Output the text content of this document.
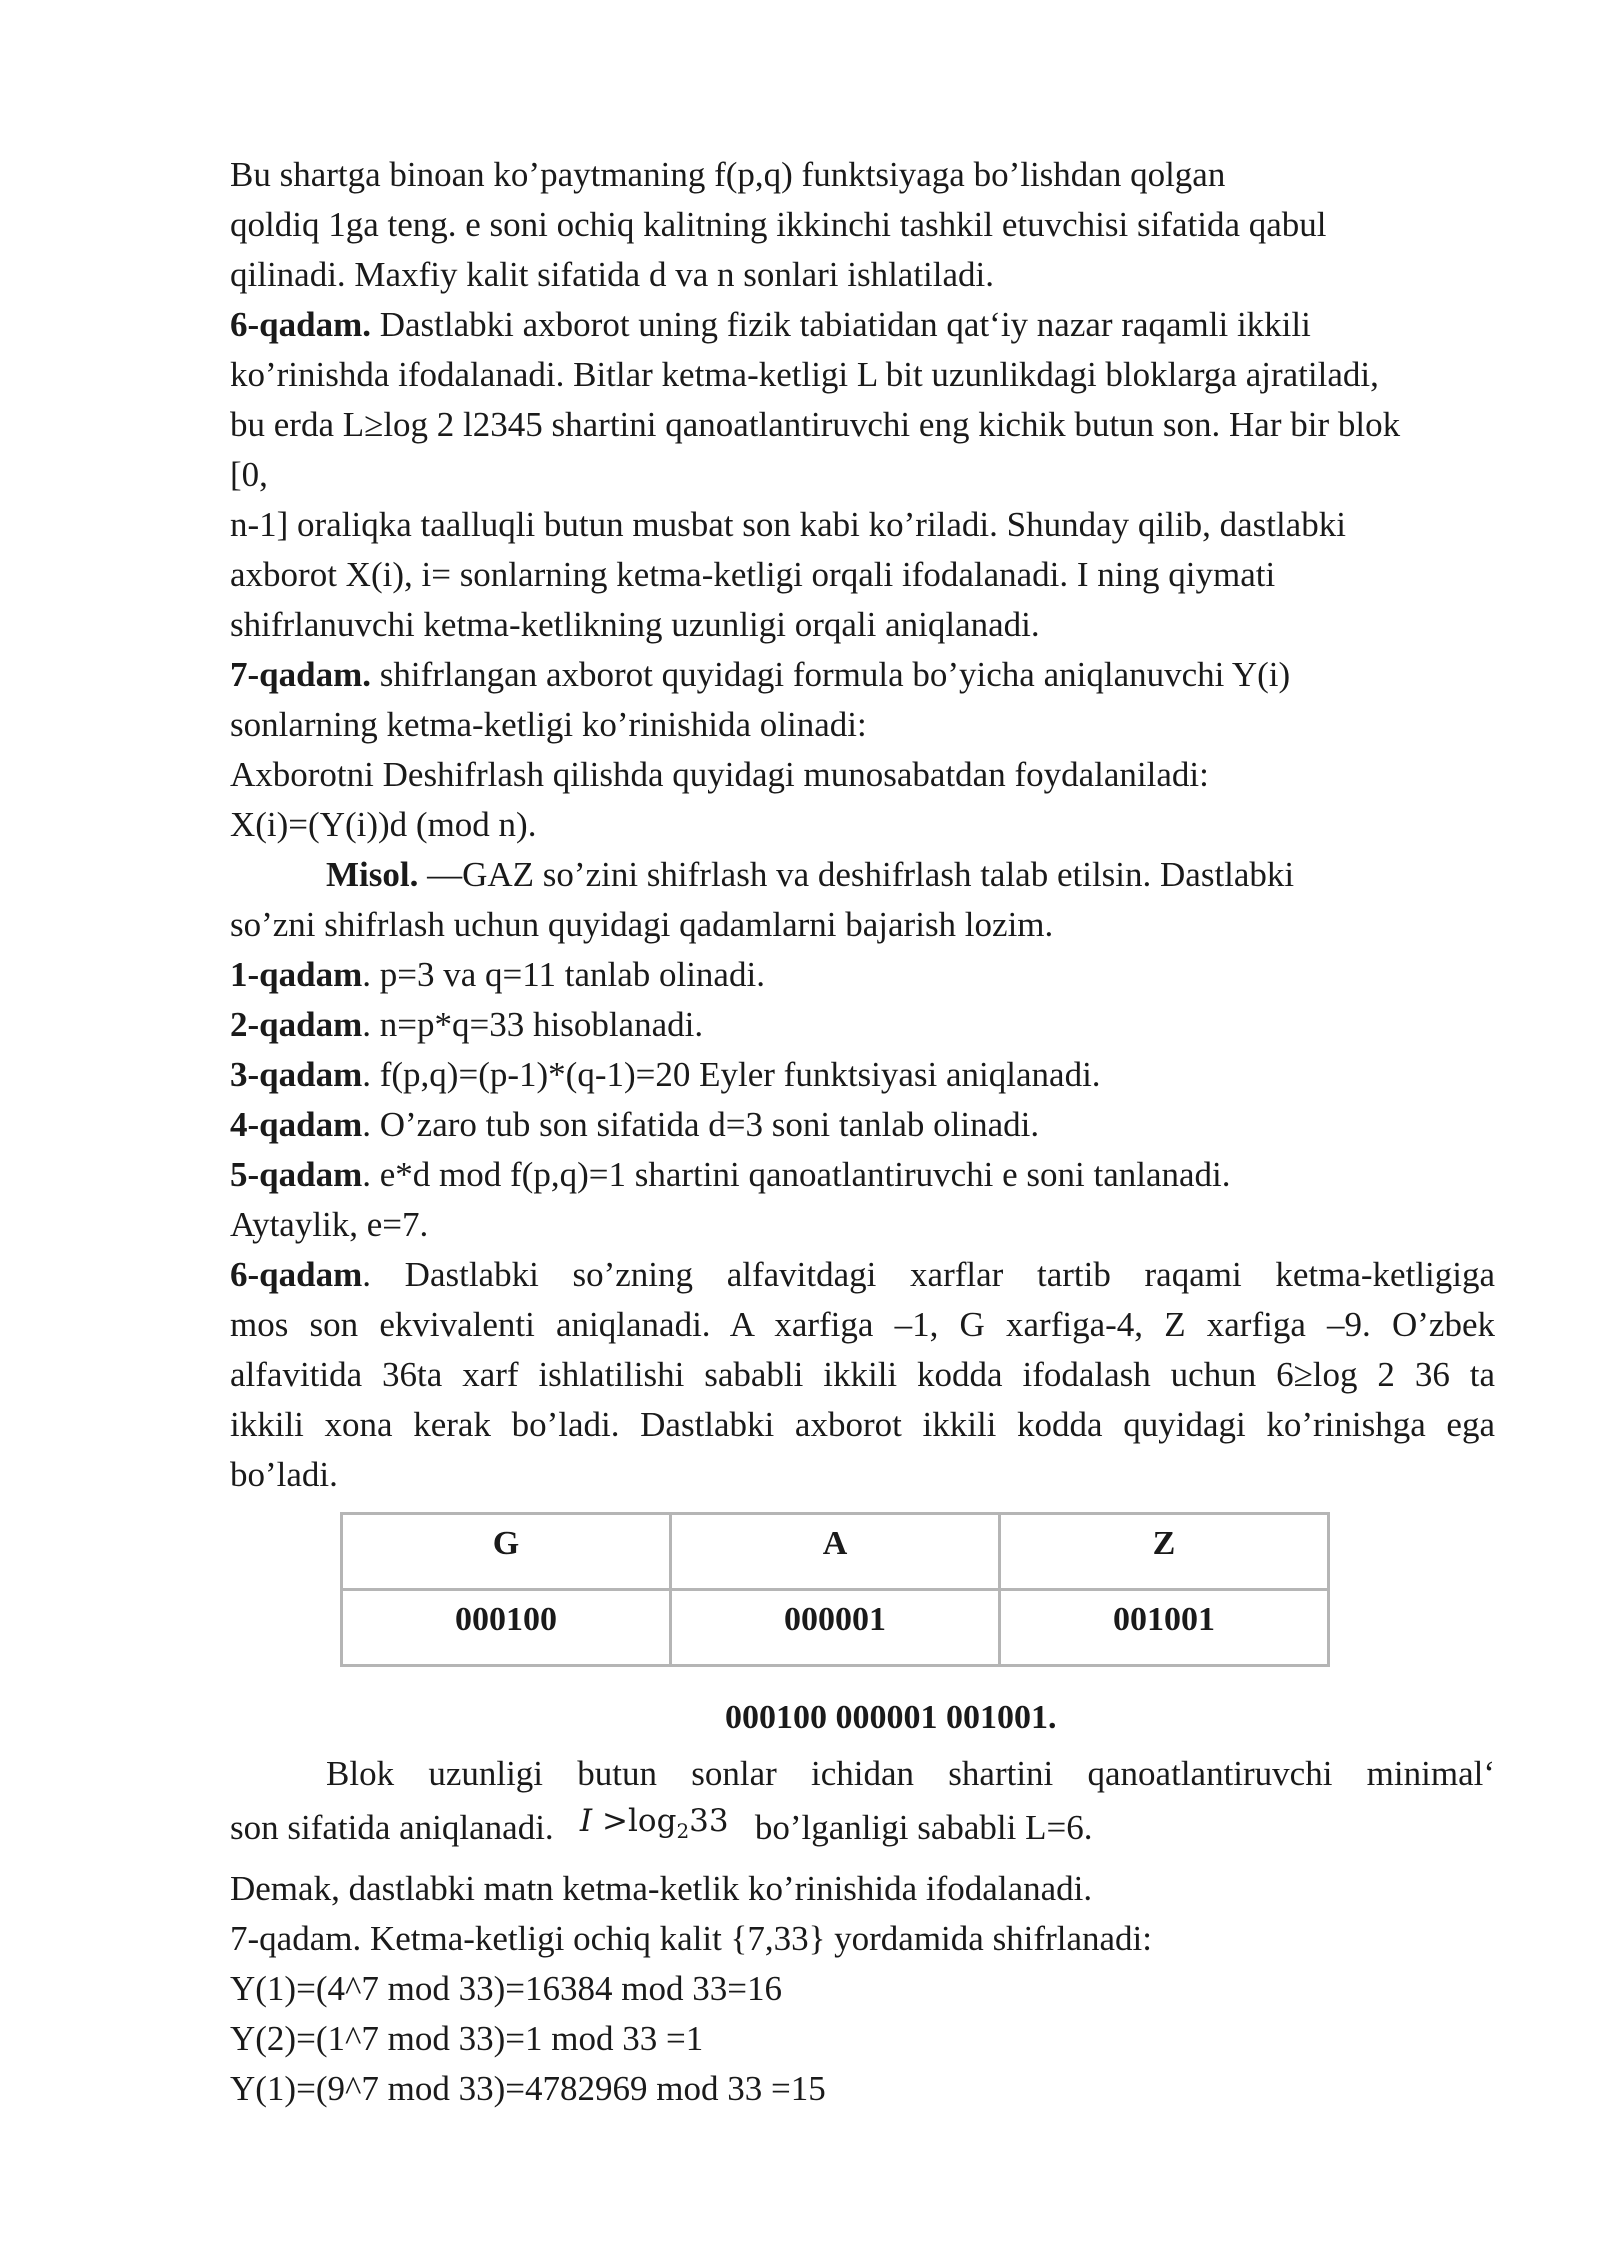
Bu shartga binoan ko’paytmaning f(p,q) funktsiyaga bo’lishdan qolgan
qoldiq 1ga teng. e soni ochiq kalitning ikkinchi tashkil etuvchisi sifatida qabul
qilinadi. Maxfiy kalit sifatida d va n sonlari ishlatiladi.
6-qadam. Dastlabki axborot uning fizik tabiatidan qat‘iy nazar raqamli ikkili
ko’rinishda ifodalanadi. Bitlar ketma-ketligi L bit uzunlikdagi bloklarga ajratiladi,
bu erda L≥log 2 l2345 shartini qanoatlantiruvchi eng kichik butun son. Har bir blok
[0,
n-1] oraliqka taalluqli butun musbat son kabi ko’riladi. Shunday qilib, dastlabki
axborot X(i), i= sonlarning ketma-ketligi orqali ifodalanadi. I ning qiymati
shifrlanuvchi ketma-ketlikning uzunligi orqali aniqlanadi.
7-qadam. shifrlangan axborot quyidagi formula bo’yicha aniqlanuvchi Y(i)
sonlarning ketma-ketligi ko’rinishida olinadi:
Axborotni Deshifrlash qilishda quyidagi munosabatdan foydalaniladi:
X(i)=(Y(i))d (mod n).
Misol. —GAZ so’zini shifrlash va deshifrlash talab etilsin. Dastlabki
so’zni shifrlash uchun quyidagi qadamlarni bajarish lozim.
1-qadam. p=3 va q=11 tanlab olinadi.
2-qadam. n=p*q=33 hisoblanadi.
3-qadam. f(p,q)=(p-1)*(q-1)=20 Eyler funktsiyasi aniqlanadi.
4-qadam. O’zaro tub son sifatida d=3 soni tanlab olinadi.
5-qadam. e*d mod f(p,q)=1 shartini qanoatlantiruvchi e soni tanlanadi.
Aytaylik, e=7.
6-qadam. Dastlabki so’zning alfavitdagi xarflar tartib raqami ketma-ketligiga
mos son ekvivalenti aniqlanadi. A xarfiga –1, G xarfiga-4, Z xarfiga –9. O’zbek
alfavitida 36ta xarf ishlatilishi sababli ikkili kodda ifodalash uchun 6≥log 2 36 ta
ikkili xona kerak bo’ladi. Dastlabki axborot ikkili kodda quyidagi ko’rinishga ega
bo’ladi.
G	A	Z
000100	000001	001001
000100 000001 001001.
Blok uzunligi butun sonlar ichidan shartini qanoatlantiruvchi minimal‘
son sifatida aniqlanadi. $I >\log_233$ bo’lganligi sababli L=6.
Demak, dastlabki matn ketma-ketlik ko’rinishida ifodalanadi.
7-qadam. Ketma-ketligi ochiq kalit {7,33} yordamida shifrlanadi:
Y(1)=(4^7 mod 33)=16384 mod 33=16
Y(2)=(1^7 mod 33)=1 mod 33 =1
Y(1)=(9^7 mod 33)=4782969 mod 33 =15
